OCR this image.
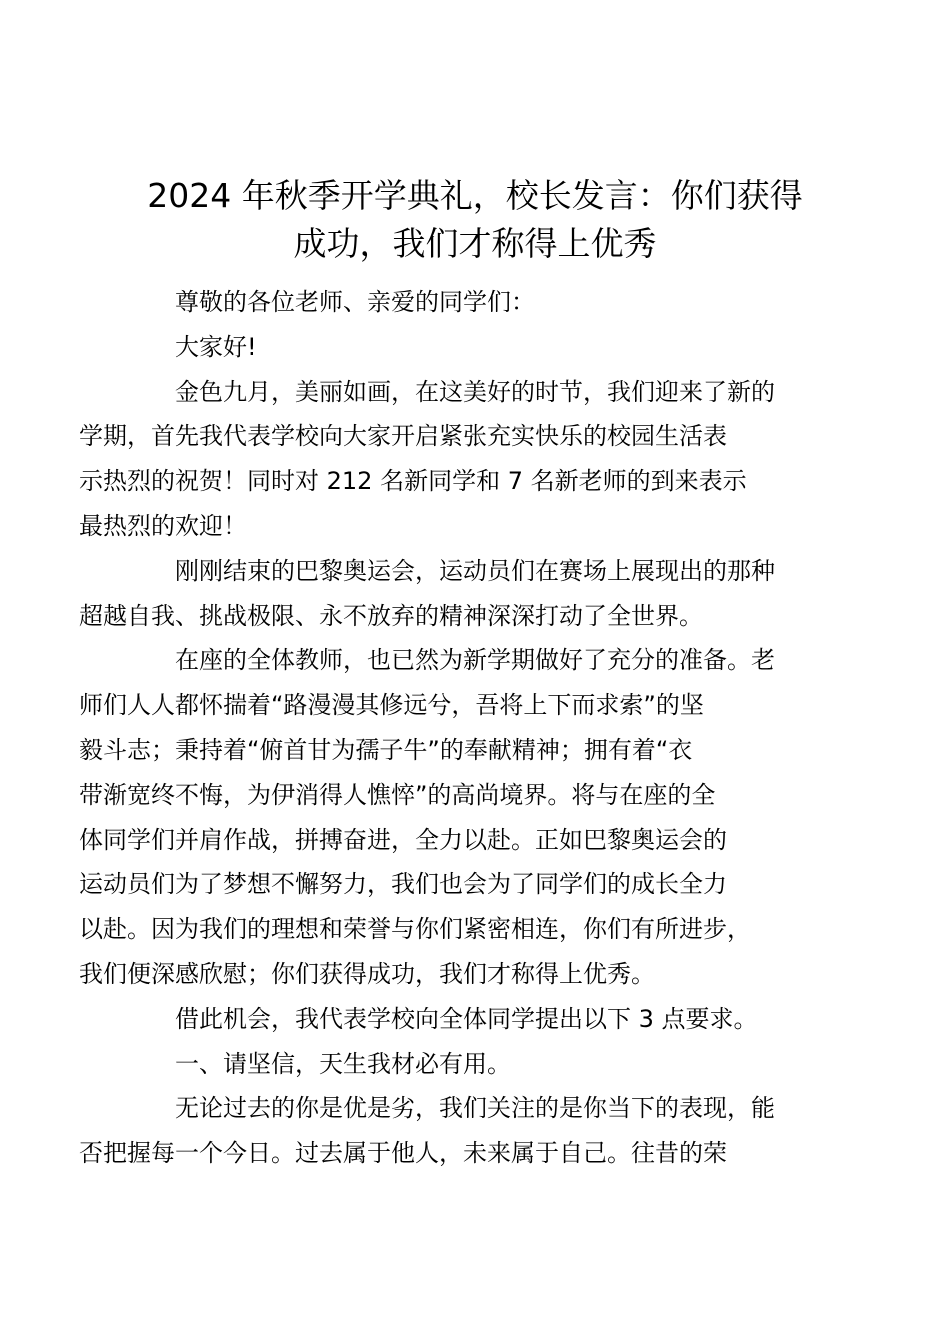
2024 年秋季开学典礼，校长发言：你们获得
成功，我们才称得上优秀

尊敬的各位老师、亲爱的同学们：

大家好!

金色九月，美丽如画，在这美好的时节，我们迎来了新的
学期，首先我代表学校向大家开启紧张充实快乐的校园生活表
示热烈的祝贺！同时对 212 名新同学和 7 名新老师的到来表示
最热烈的欢迎！

刚刚结束的巴黎奥运会，运动员们在赛场上展现出的那种
超越自我、挑战极限、永不放弃的精神深深打动了全世界。

在座的全体教师，也已然为新学期做好了充分的准备。老
师们人人都怀揣着“路漫漫其修远兮，吾将上下而求索”的坚
毅斗志；秉持着“俯首甘为孺子牛”的奉献精神；拥有着“衣
带渐宽终不悔，为伊消得人憔悴”的高尚境界。将与在座的全
体同学们并肩作战，拼搏奋进，全力以赴。正如巴黎奥运会的
运动员们为了梦想不懈努力，我们也会为了同学们的成长全力
以赴。因为我们的理想和荣誉与你们紧密相连，你们有所进步，
我们便深感欣慰；你们获得成功，我们才称得上优秀。

借此机会，我代表学校向全体同学提出以下 3 点要求。

一、请坚信，天生我材必有用。

无论过去的你是优是劣，我们关注的是你当下的表现，能
否把握每一个今日。过去属于他人，未来属于自己。往昔的荣
